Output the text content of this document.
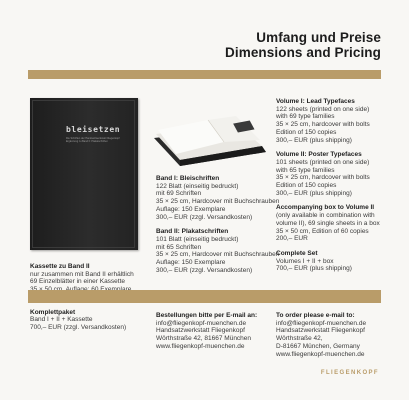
Umfang und Preise
Dimensions and Pricing
bleisetzen
Die Schriften der Handsatzwerkstatt Fliegenkopf Ergänzung zu Band II: Plakatschriften
Kassette zu Band II
nur zusammen mit Band II erhältlich
69 Einzelblätter in einer Kassette
Komplettpaket
Band I + II + Kassette
700,– EUR (zzgl. Versandkosten)
Band I: Bleischriften
122 Blatt (einseitig bedruckt)
mit 69 Schriften
35 × 25 cm, Hardcover mit Buchschrauben
Auflage: 150 Exemplare
300,– EUR (zzgl. Versandkosten)
Band II: Plakatschriften
101 Blatt (einseitig bedruckt)
mit 65 Schriften
35 × 25 cm, Hardcover mit Buchschrauben
Auflage: 150 Exemplare
300,– EUR (zzgl. Versandkosten)
Volume I: Lead Typefaces
122 sheets (printed on one side)
with 69 type families
35 × 25 cm, hardcover with bolts
Edition of 150 copies
300,– EUR (plus shipping)
Volume II: Poster Typefaces
101 sheets (printed on one side)
with 65 type families
35 × 25 cm, hardcover with bolts
Edition of 150 copies
300,– EUR (plus shipping)
Accompanying box to Volume II
(only available in combination with
volume II), 69 single sheets in a box
35 × 50 cm, Edition of 60 copies
200,– EUR
Complete Set
Volumes I + II + box
700,– EUR (plus shipping)
Bestellungen bitte per E-mail an:
info@fliegenkopf-muenchen.de
Handsatzwerkstatt Fliegenkopf
Wörthstraße 42, 81667 München
www.fliegenkopf-muenchen.de
To order please e-mail to:
info@fliegenkopf-muenchen.de
Handsatzwerkstatt Fliegenkopf
Wörthstraße 42,
D-81667 München, Germany
www.fliegenkopf-muenchen.de
FLIEGENKOPF
